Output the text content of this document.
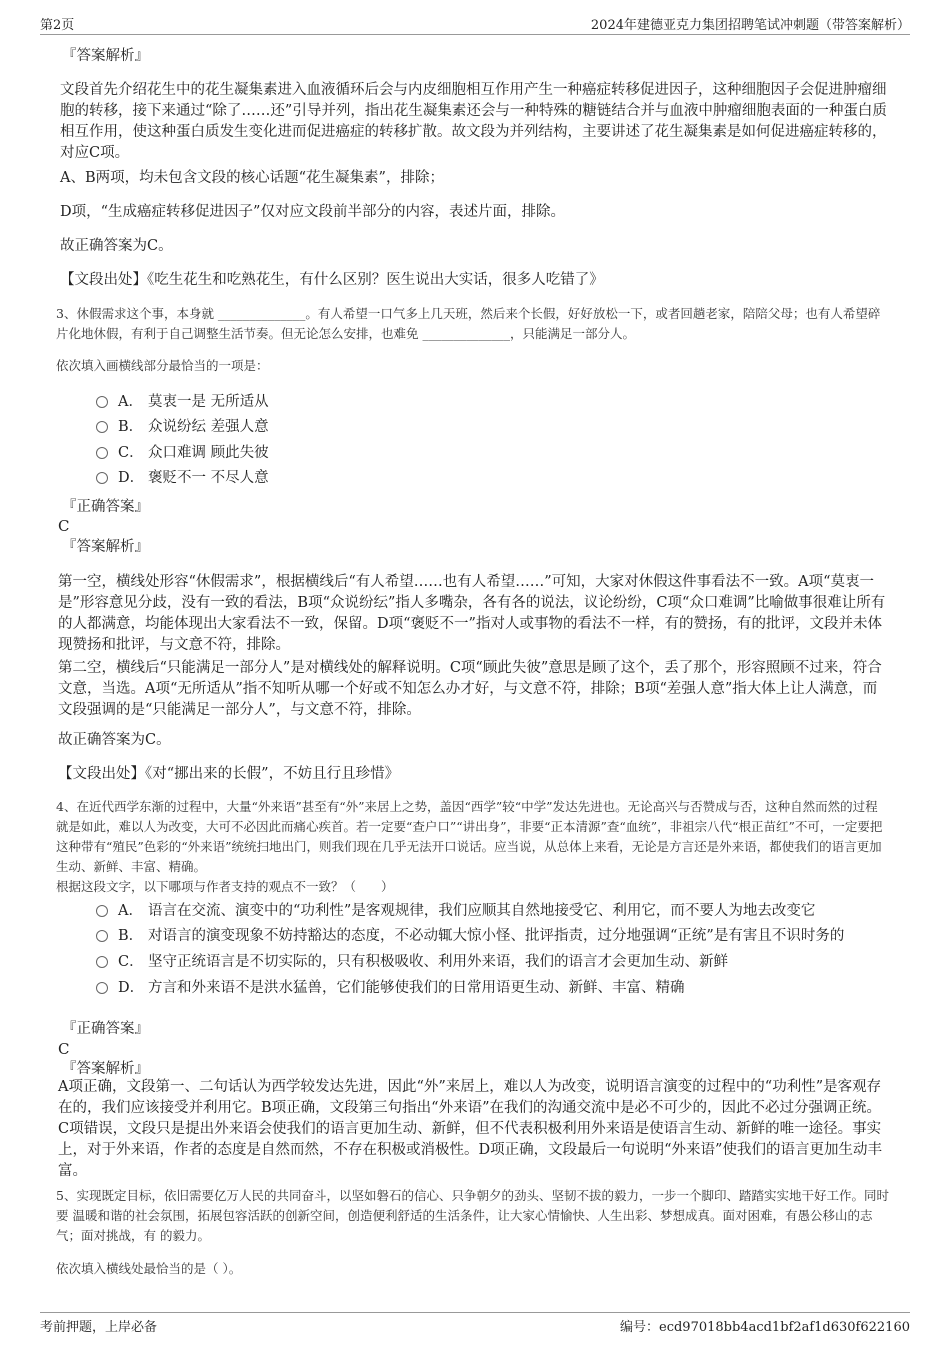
第2页	2024年建德亚克力集团招聘笔试冲刺题（带答案解析）
『答案解析』

文段首先介绍花生中的花生凝集素进入血液循环后会与内皮细胞相互作用产生一种癌症转移促进因子，这种细胞因子会促进肿瘤细胞的转移，接下来通过“除了……还”引导并列，指出花生凝集素还会与一种特殊的糖链结合并与血液中肿瘤细胞表面的一种蛋白质相互作用，使这种蛋白质发生变化进而促进癌症的转移扩散。故文段为并列结构，主要讲述了花生凝集素是如何促进癌症转移的，对应C项。

A、B两项，均未包含文段的核心话题“花生凝集素”，排除；

D项，“生成癌症转移促进因子”仅对应文段前半部分的内容，表述片面，排除。

故正确答案为C。

【文段出处】《吃生花生和吃熟花生，有什么区别？医生说出大实话，很多人吃错了》

3、休假需求这个事，本身就 ______________。有人希望一口气多上几天班，然后来个长假，好好放松一下，或者回趟老家，陪陪父母；也有人希望碎片化地休假，有利于自己调整生活节奏。但无论怎么安排，也难免 ______________，只能满足一部分人。

依次填入画横线部分最恰当的一项是：

A． 莫衷一是 无所适从
B． 众说纷纭 差强人意
C． 众口难调 顾此失彼
D． 褒贬不一 不尽人意
『正确答案』
C
『答案解析』

第一空，横线处形容“休假需求”，根据横线后“有人希望……也有人希望……”可知，大家对休假这件事看法不一致。A项“莫衷一是”形容意见分歧，没有一致的看法，B项“众说纷纭”指人多嘴杂，各有各的说法，议论纷纷，C项“众口难调”比喻做事很难让所有的人都满意，均能体现出大家看法不一致，保留。D项“褒贬不一”指对人或事物的看法不一样，有的赞扬，有的批评，文段并未体现赞扬和批评，与文意不符，排除。

第二空，横线后“只能满足一部分人”是对横线处的解释说明。C项“顾此失彼”意思是顾了这个，丢了那个，形容照顾不过来，符合文意，当选。A项“无所适从”指不知听从哪一个好或不知怎么办才好，与文意不符，排除；B项“差强人意”指大体上让人满意，而文段强调的是“只能满足一部分人”，与文意不符，排除。

故正确答案为C。

【文段出处】《对“挪出来的长假”，不妨且行且珍惜》

4、在近代西学东渐的过程中，大量“外来语”甚至有“外”来居上之势，盖因“西学”较“中学”发达先进也。无论高兴与否赞成与否，这种自然而然的过程就是如此，难以人为改变，大可不必因此而痛心疾首。若一定要“查户口”“讲出身”，非要“正本清源”查“血统”，非祖宗八代“根正苗红”不可，一定要把这种带有“殖民”色彩的“外来语”统统扫地出门，则我们现在几乎无法开口说话。应当说，从总体上来看，无论是方言还是外来语，都使我们的语言更加生动、新鲜、丰富、精确。

根据这段文字，以下哪项与作者支持的观点不一致？（　　）

A． 语言在交流、演变中的“功利性”是客观规律，我们应顺其自然地接受它、利用它，而不要人为地去改变它
B． 对语言的演变现象不妨持豁达的态度，不必动辄大惊小怪、批评指责，过分地强调“正统”是有害且不识时务的
C． 坚守正统语言是不切实际的，只有积极吸收、利用外来语，我们的语言才会更加生动、新鲜
D． 方言和外来语不是洪水猛兽，它们能够使我们的日常用语更生动、新鲜、丰富、精确
『正确答案』
C
『答案解析』

A项正确，文段第一、二句话认为西学较发达先进，因此“外”来居上，难以人为改变，说明语言演变的过程中的“功利性”是客观存在的，我们应该接受并利用它。B项正确，文段第三句指出“外来语”在我们的沟通交流中是必不可少的，因此不必过分强调正统。C项错误，文段只是提出外来语会使我们的语言更加生动、新鲜，但不代表积极利用外来语是使语言生动、新鲜的唯一途径。事实上，对于外来语，作者的态度是自然而然，不存在积极或消极性。D项正确，文段最后一句说明“外来语”使我们的语言更加生动丰富。

5、实现既定目标，依旧需要亿万人民的共同奋斗，以坚如磐石的信心、只争朝夕的劲头、坚韧不拔的毅力，一步一个脚印、踏踏实实地干好工作。同时要 温暖和谐的社会氛围，拓展包容活跃的创新空间，创造便利舒适的生活条件，让大家心情愉快、人生出彩、梦想成真。面对困难，有愚公移山的志气；面对挑战，有 的毅力。

依次填入横线处最恰当的是（ ）。

考前押题，上岸必备	编号：ecd97018bb4acd1bf2af1d630f622160
